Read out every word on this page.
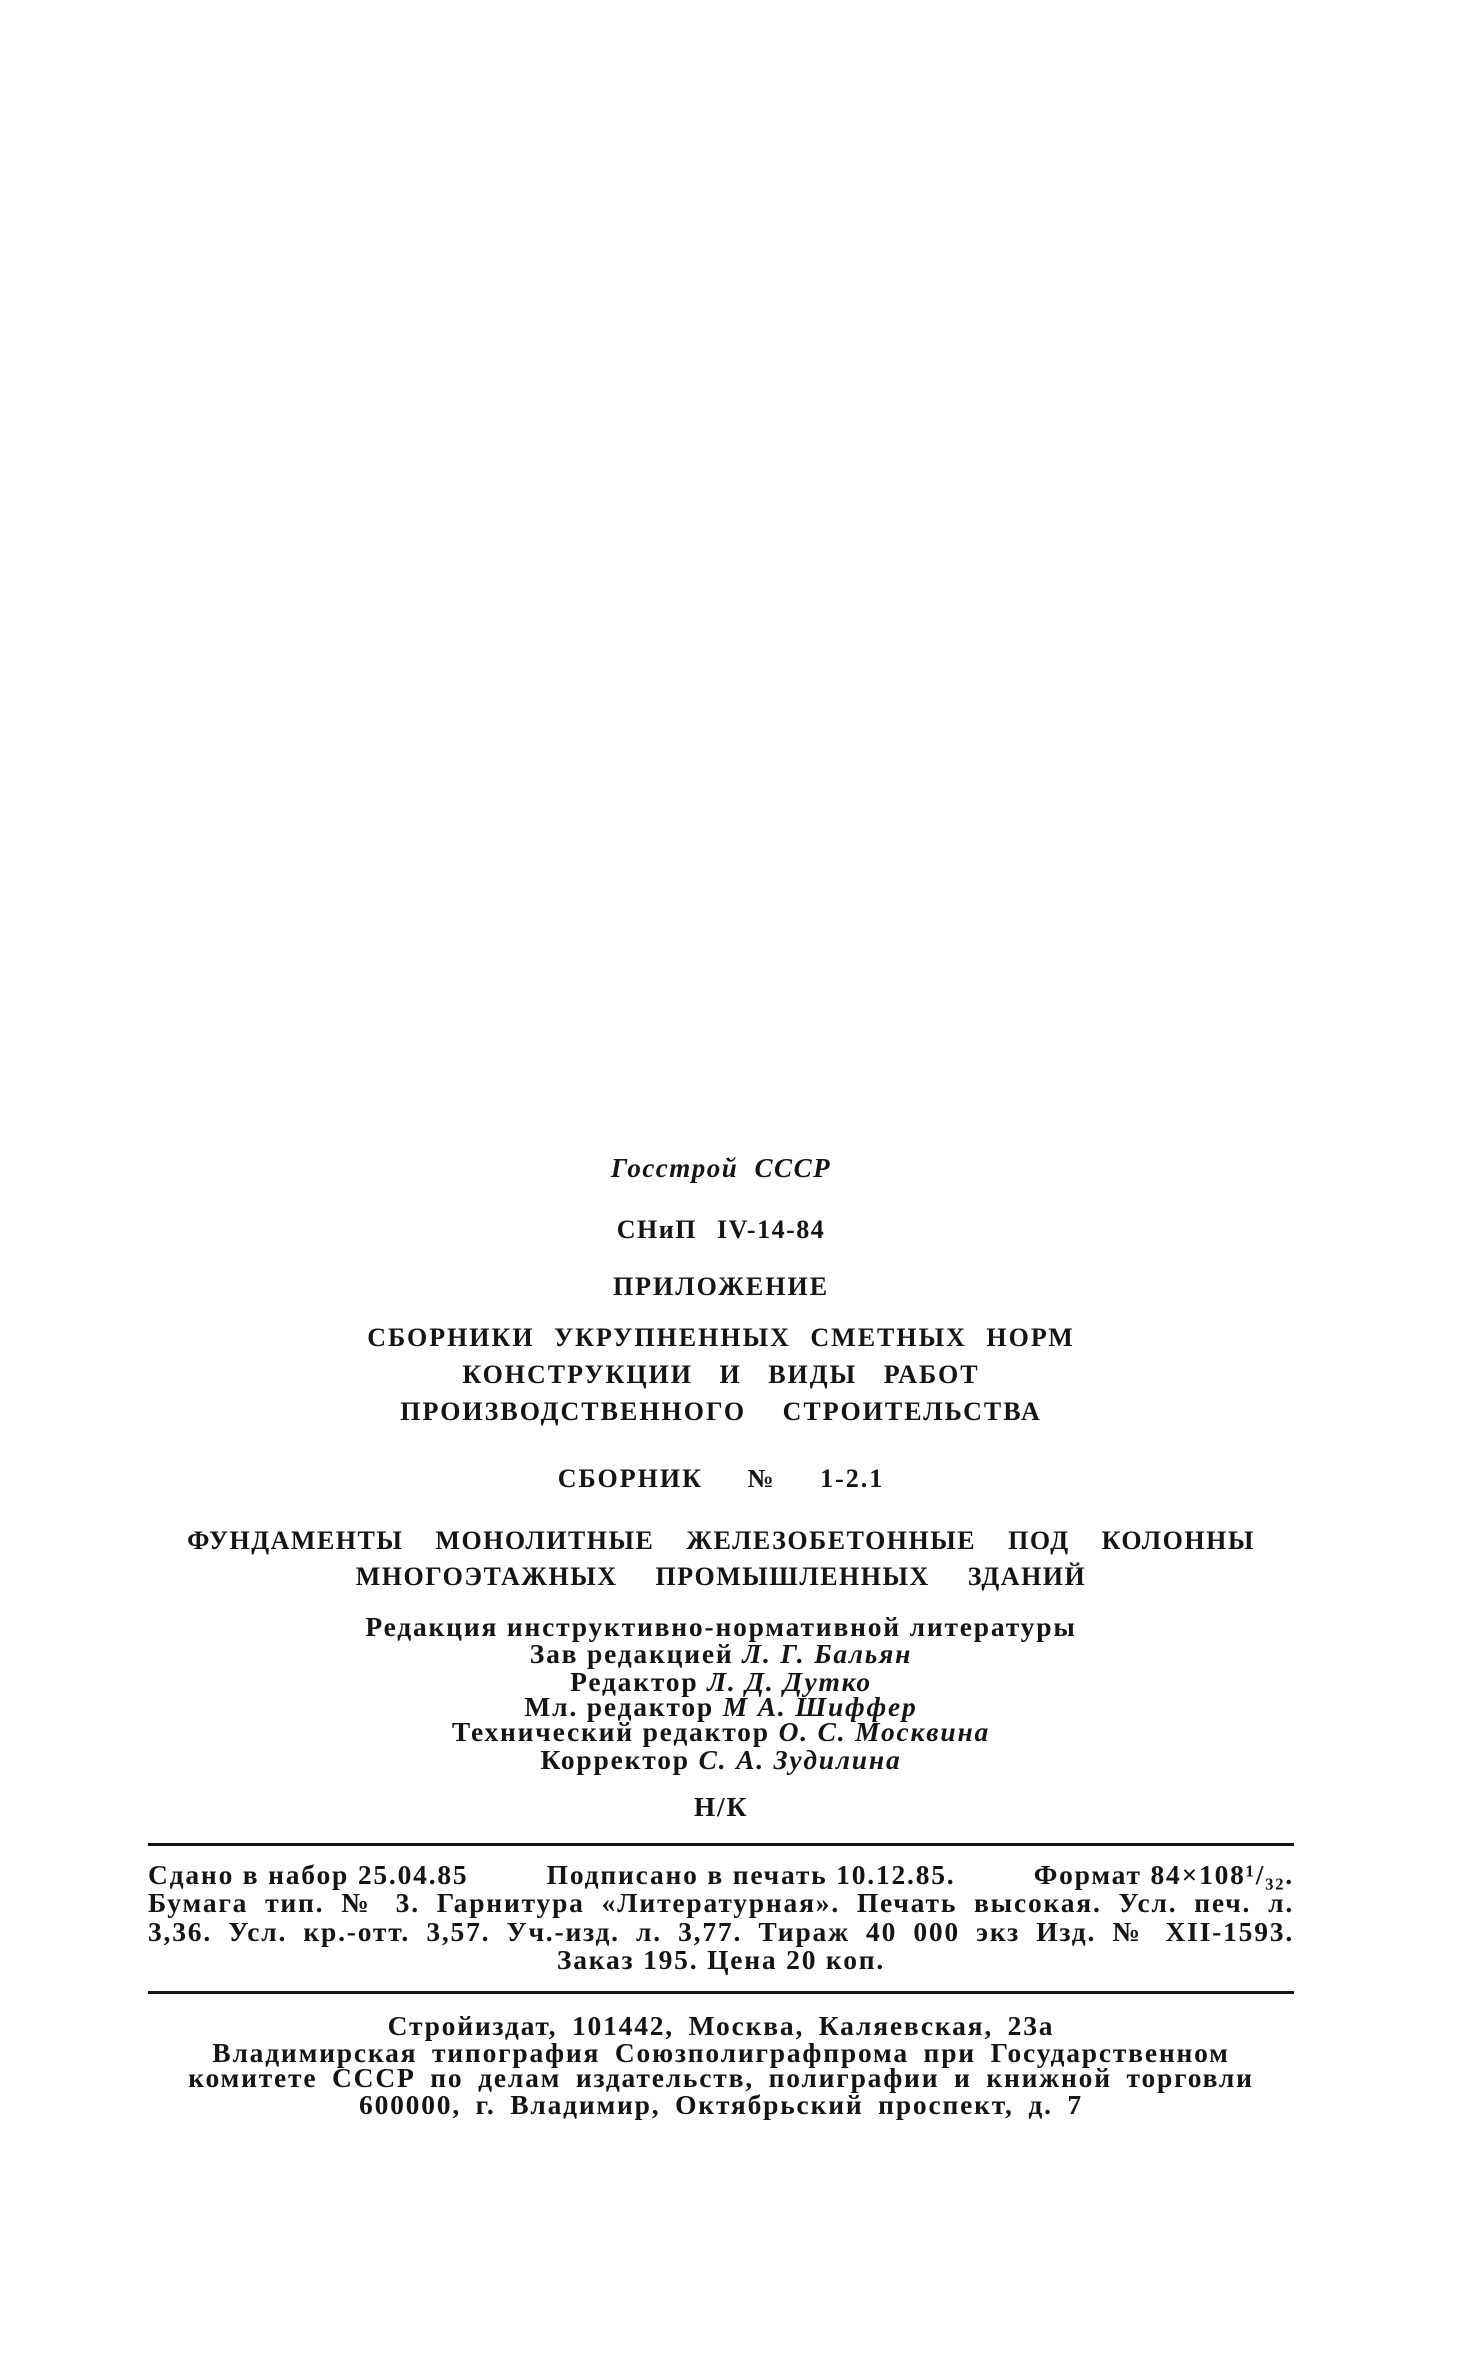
Госстрой СССР
СНиП IV-14-84
ПРИЛОЖЕНИЕ
СБОРНИКИ УКРУПНЕННЫХ СМЕТНЫХ НОРМ
КОНСТРУКЦИИ И ВИДЫ РАБОТ
ПРОИЗВОДСТВЕННОГО СТРОИТЕЛЬСТВА
СБОРНИК № 1-2.1
ФУНДАМЕНТЫ МОНОЛИТНЫЕ ЖЕЛЕЗОБЕТОННЫЕ ПОД КОЛОННЫ
МНОГОЭТАЖНЫХ ПРОМЫШЛЕННЫХ ЗДАНИЙ
Редакция инструктивно-нормативной литературы
Зав редакцией Л. Г. Бальян
Редактор Л. Д. Дутко
Мл. редактор М А. Шиффер
Технический редактор О. С. Москвина
Корректор С. А. Зудилина
Н/К
Сдано в набор 25.04.85	Подписано в печать 10.12.85.	Формат 84×108¹/₃₂.
Бумага тип. № 3. Гарнитура «Литературная». Печать высокая. Усл. печ. л.
3,36. Усл. кр.-отт. 3,57. Уч.-изд. л. 3,77. Тираж 40 000 экз Изд. № XII-1593.
Заказ 195. Цена 20 коп.
Стройиздат, 101442, Москва, Каляевская, 23а
Владимирская типография Союзполиграфпрома при Государственном
комитете СССР по делам издательств, полиграфии и книжной торговли
600000, г. Владимир, Октябрьский проспект, д. 7
